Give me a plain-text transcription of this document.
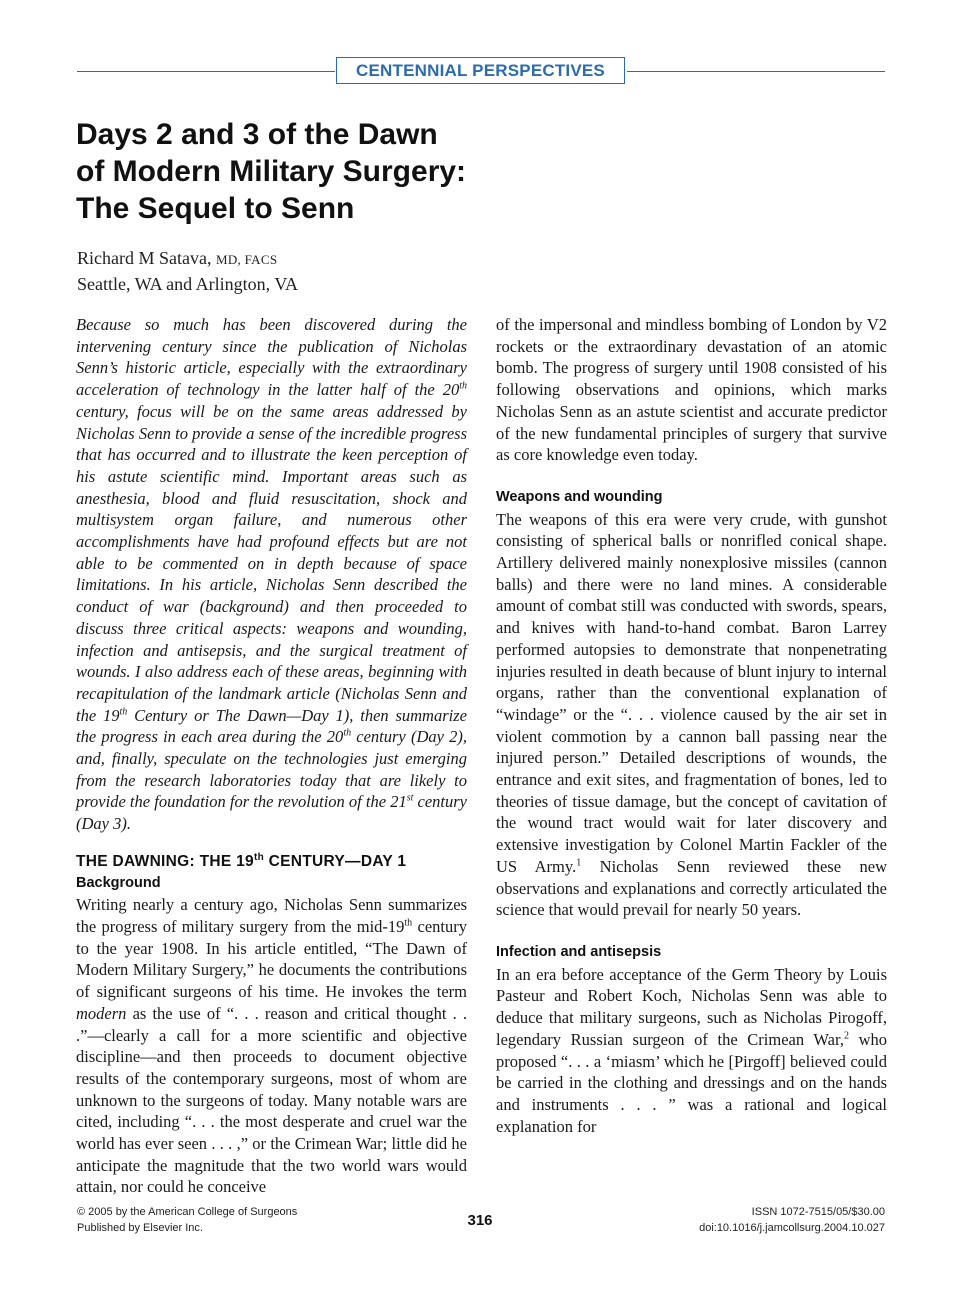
CENTENNIAL PERSPECTIVES
Days 2 and 3 of the Dawn
of Modern Military Surgery:
The Sequel to Senn
Richard M Satava, MD, FACS
Seattle, WA and Arlington, VA

Because so much has been discovered during the intervening century since the publication of Nicholas Senn’s historic article, especially with the extraordinary acceleration of technology in the latter half of the 20th century, focus will be on the same areas addressed by Nicholas Senn to provide a sense of the incredible progress that has occurred and to illustrate the keen perception of his astute scientific mind. Important areas such as anesthesia, blood and fluid resuscitation, shock and multisystem organ failure, and numerous other accomplishments have had profound effects but are not able to be commented on in depth because of space limitations. In his article, Nicholas Senn described the conduct of war (background) and then proceeded to discuss three critical aspects: weapons and wounding, infection and antisepsis, and the surgical treatment of wounds. I also address each of these areas, beginning with recapitulation of the landmark article (Nicholas Senn and the 19th Century or The Dawn—Day 1), then summarize the progress in each area during the 20th century (Day 2), and, finally, speculate on the technologies just emerging from the research laboratories today that are likely to provide the foundation for the revolution of the 21st century (Day 3).

THE DAWNING: THE 19th CENTURY—DAY 1

Background

Writing nearly a century ago, Nicholas Senn summarizes the progress of military surgery from the mid-19th century to the year 1908. In his article entitled, “The Dawn of Modern Military Surgery,” he documents the contributions of significant surgeons of his time. He invokes the term modern as the use of “. . . reason and critical thought . . .”—clearly a call for a more scientific and objective discipline—and then proceeds to document objective results of the contemporary surgeons, most of whom are unknown to the surgeons of today. Many notable wars are cited, including “. . . the most desperate and cruel war the world has ever seen . . . ,” or the Crimean War; little did he anticipate the magnitude that the two world wars would attain, nor could he conceive

of the impersonal and mindless bombing of London by V2 rockets or the extraordinary devastation of an atomic bomb. The progress of surgery until 1908 consisted of his following observations and opinions, which marks Nicholas Senn as an astute scientist and accurate predictor of the new fundamental principles of surgery that survive as core knowledge even today.

Weapons and wounding

The weapons of this era were very crude, with gunshot consisting of spherical balls or nonrifled conical shape. Artillery delivered mainly nonexplosive missiles (cannon balls) and there were no land mines. A considerable amount of combat still was conducted with swords, spears, and knives with hand-to-hand combat. Baron Larrey performed autopsies to demonstrate that nonpenetrating injuries resulted in death because of blunt injury to internal organs, rather than the conventional explanation of “windage” or the “. . . violence caused by the air set in violent commotion by a cannon ball passing near the injured person.” Detailed descriptions of wounds, the entrance and exit sites, and fragmentation of bones, led to theories of tissue damage, but the concept of cavitation of the wound tract would wait for later discovery and extensive investigation by Colonel Martin Fackler of the US Army.$^1$ Nicholas Senn reviewed these new observations and explanations and correctly articulated the science that would prevail for nearly 50 years.

Infection and antisepsis

In an era before acceptance of the Germ Theory by Louis Pasteur and Robert Koch, Nicholas Senn was able to deduce that military surgeons, such as Nicholas Pirogoff, legendary Russian surgeon of the Crimean War,$^2$ who proposed “. . . a ‘miasm’ which he [Pirgoff] believed could be carried in the clothing and dressings and on the hands and instruments . . . ” was a rational and logical explanation for

© 2005 by the American College of Surgeons
Published by Elsevier Inc.	316	ISSN 1072-7515/05/$30.00
doi:10.1016/j.jamcollsurg.2004.10.027
